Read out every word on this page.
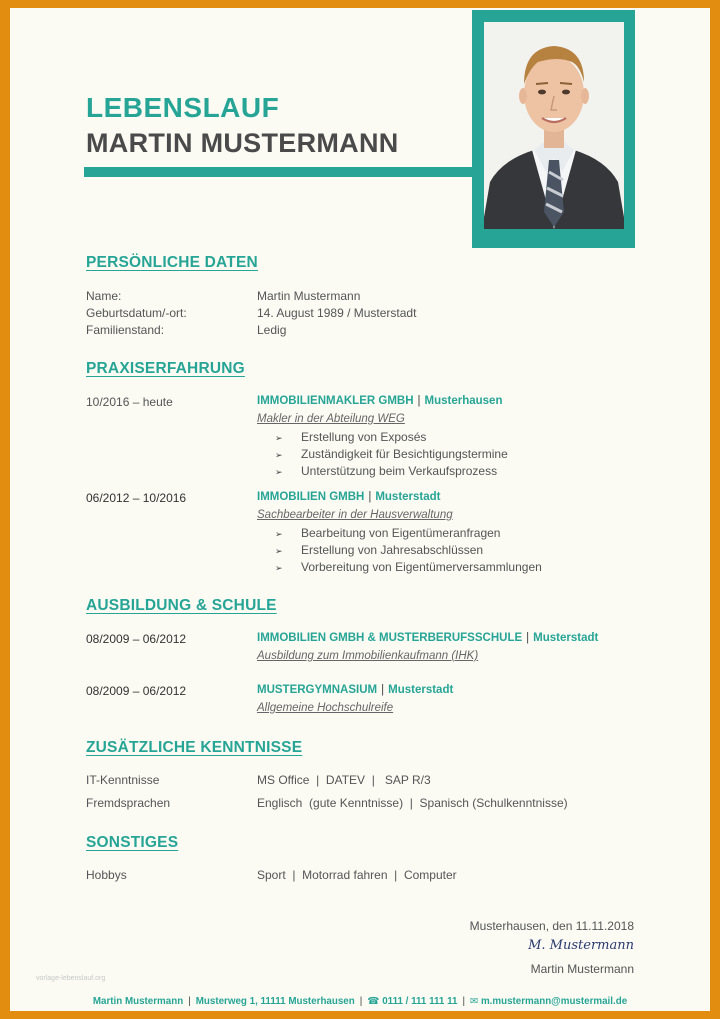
LEBENSLAUF
MARTIN MUSTERMANN
PERSÖNLICHE DATEN
Name:	Martin Mustermann
Geburtsdatum/-ort:	14. August 1989 / Musterstadt
Familienstand:	Ledig
PRAXISERFAHRUNG
10/2016 – heute	IMMOBILIENMAKLER GMBH | Musterhausen
Makler in der Abteilung WEG
➢ Erstellung von Exposés
➢ Zuständigkeit für Besichtigungstermine
➢ Unterstützung beim Verkaufsprozess
06/2012 – 10/2016	IMMOBILIEN GMBH | Musterstadt
Sachbearbeiter in der Hausverwaltung
➢ Bearbeitung von Eigentümeranfragen
➢ Erstellung von Jahresabschlüssen
➢ Vorbereitung von Eigentümerversammlungen
AUSBILDUNG & SCHULE
08/2009 – 06/2012	IMMOBILIEN GMBH & MUSTERBERUFSSCHULE | Musterstadt
Ausbildung zum Immobilienkaufmann (IHK)
08/2009 – 06/2012	MUSTERGYMNASIUM | Musterstadt
Allgemeine Hochschulreife
ZUSÄTZLICHE KENNTNISSE
IT-Kenntnisse	MS Office  |  DATEV  |   SAP R/3
Fremdsprachen	Englisch  (gute Kenntnisse)  |  Spanisch (Schulkenntnisse)
SONSTIGES
Hobbys	Sport  |  Motorrad fahren  |  Computer
Musterhausen, den 11.11.2018
M. Mustermann
Martin Mustermann
vorlage-lebenslauf.org
Martin Mustermann | Musterweg 1, 11111 Musterhausen | ☎ 0111 / 111 111 11 | ✉ m.mustermann@mustermail.de
